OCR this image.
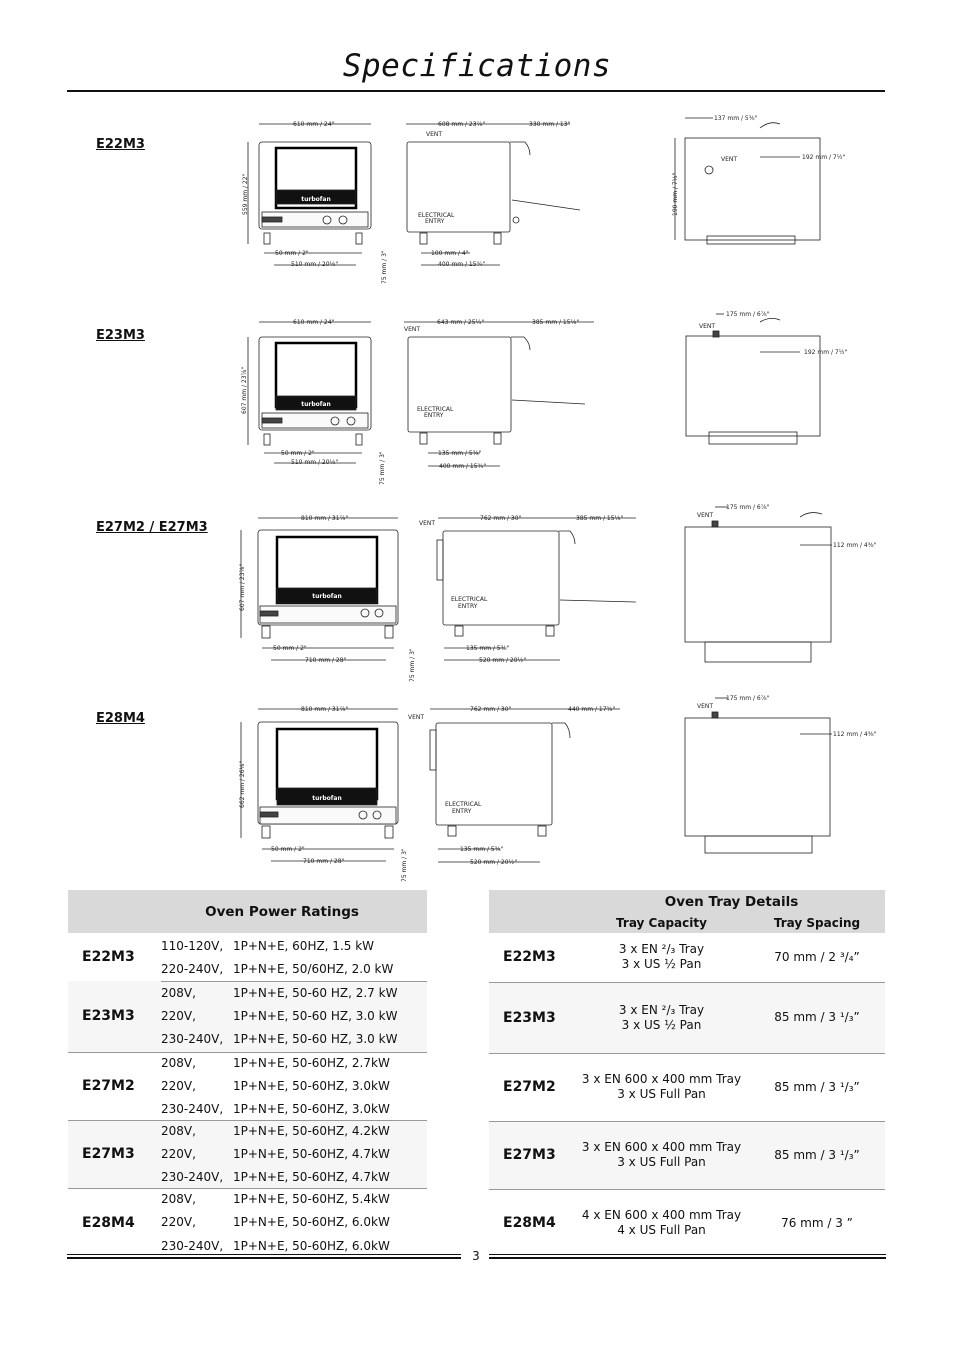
Specifications
E22M3
E23M3
E27M2 / E27M3
E28M4
turbofan
turbofan
turbofan
turbofan
610 mm / 24"
559 mm / 22"
50 mm / 2"
510 mm / 20⅛"	75 mm / 3"
608 mm / 23⅞"	330 mm / 13"
VENT
ELECTRICAL
ENTRY
100 mm / 4"
400 mm / 15¾"
137 mm / 5⅜"
192 mm / 7½"
VENT
190 mm / 7½"
610 mm / 24"
607 mm / 23⅞"
50 mm / 2"
510 mm / 20⅛"	75 mm / 3"
643 mm / 25¼"	385 mm / 15⅛"
VENT
ELECTRICAL
ENTRY
135 mm / 5⅜"
400 mm / 15¾"
175 mm / 6⅞"
192 mm / 7½"
VENT
810 mm / 31⅞"
607 mm / 23⅞"
50 mm / 2"
710 mm / 28"	75 mm / 3"
762 mm / 30"	385 mm / 15⅛"
VENT
ELECTRICAL
ENTRY
135 mm / 5⅜"
520 mm / 20½"
175 mm / 6⅞"
112 mm / 4⅜"
VENT
810 mm / 31⅞"
662 mm / 26⅛"
50 mm / 2"
710 mm / 28"	75 mm / 3"
762 mm / 30"	440 mm / 17⅜"
VENT
ELECTRICAL
ENTRY
135 mm / 5⅜"
520 mm / 20½"
175 mm / 6⅞"
112 mm / 4⅜"
VENT
Oven Power Ratings		
E22M3	110-120V,	1P+N+E, 60HZ, 1.5 kW
	220-240V,	1P+N+E, 50/60HZ, 2.0 kW
E23M3	208V,	1P+N+E, 50-60 HZ, 2.7 kW
	220V,	1P+N+E, 50-60 HZ, 3.0 kW
	230-240V,	1P+N+E, 50-60 HZ, 3.0 kW
E27M2	208V,	1P+N+E, 50-60HZ, 2.7kW
	220V,	1P+N+E, 50-60HZ, 3.0kW
	230-240V,	1P+N+E, 50-60HZ, 3.0kW
E27M3	208V,	1P+N+E, 50-60HZ, 4.2kW
	220V,	1P+N+E, 50-60HZ, 4.7kW
	230-240V,	1P+N+E, 50-60HZ, 4.7kW
E28M4	208V,	1P+N+E, 50-60HZ, 5.4kW
	220V,	1P+N+E, 50-60HZ, 6.0kW
	230-240V,	1P+N+E, 50-60HZ, 6.0kW
Oven Tray Details		
	Tray Capacity	Tray Spacing
E22M3	3 x EN ²/₃ Tray
3 x US ½ Pan	70 mm / 2 ³/₄”
E23M3	3 x EN ²/₃ Tray
3 x US ½ Pan	85 mm / 3 ¹/₃”
E27M2	3 x EN 600 x 400 mm Tray
3 x US Full Pan	85 mm / 3 ¹/₃”
E27M3	3 x EN 600 x 400 mm Tray
3 x US Full Pan	85 mm / 3 ¹/₃”
E28M4	4 x EN 600 x 400 mm Tray
4 x US Full Pan	76 mm / 3 ”
3
